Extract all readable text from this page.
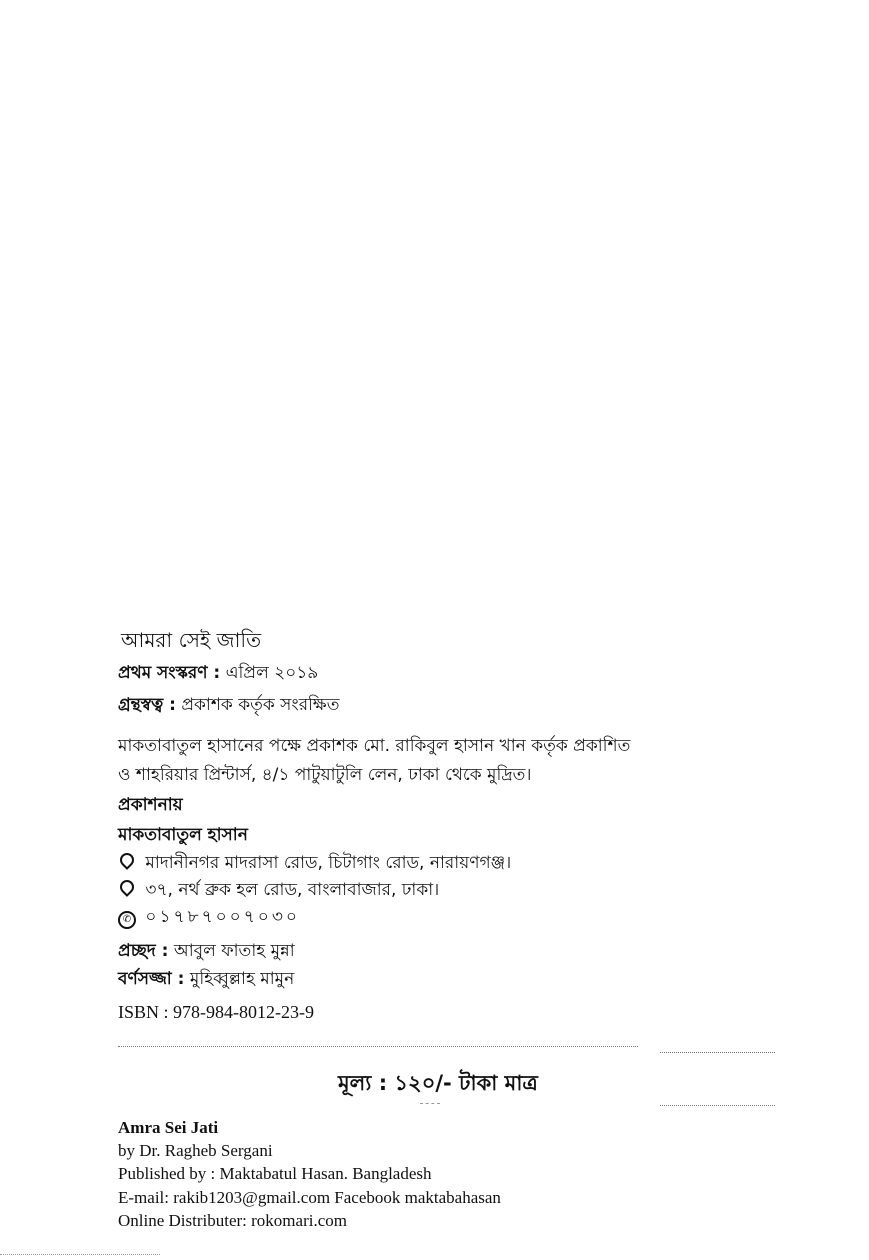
আমরা সেই জাতি
প্রথম সংস্করণ : এপ্রিল ২০১৯
গ্রন্থস্বত্ব : প্রকাশক কর্তৃক সংরক্ষিত
মাকতাবাতুল হাসানের পক্ষে প্রকাশক মো. রাকিবুল হাসান খান কর্তৃক প্রকাশিত
ও শাহরিয়ার প্রিন্টার্স, ৪/১ পাটুয়াটুলি লেন, ঢাকা থেকে মুদ্রিত।
প্রকাশনায়
মাকতাবাতুল হাসান
মাদানীনগর মাদরাসা রোড, চিটাগাং রোড, নারায়ণগঞ্জ।
৩৭, নর্থ ব্রুক হল রোড, বাংলাবাজার, ঢাকা।
✆ ০১৭৮৭০০৭০৩০
প্রচ্ছদ : আবুল ফাতাহ মুন্না
বর্ণসজ্জা : মুহিব্বুল্লাহ মামুন
ISBN : 978-984-8012-23-9
মূল্য : ১২০/- টাকা মাত্র
Amra Sei Jati
by Dr. Ragheb Sergani
Published by : Maktabatul Hasan. Bangladesh
E-mail: rakib1203@gmail.com Facebook maktabahasan
Online Distributer: rokomari.com
